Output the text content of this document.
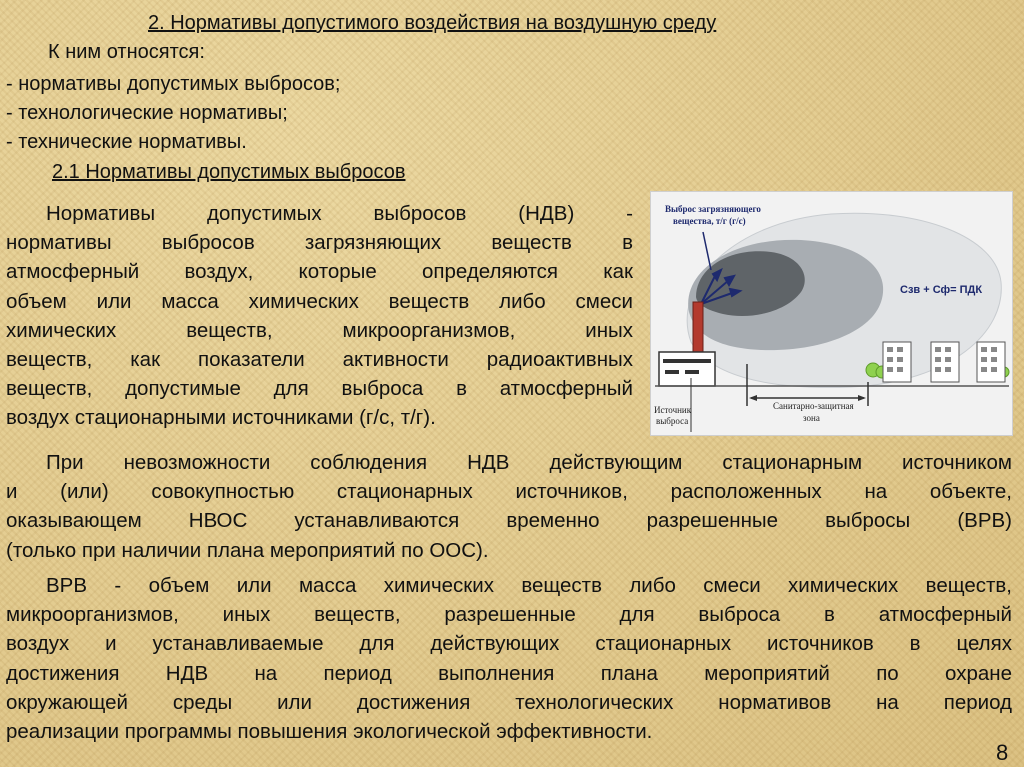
2. Нормативы допустимого воздействия на воздушную среду
К ним относятся:
- нормативы допустимых выбросов;
- технологические нормативы;
- технические нормативы.
2.1 Нормативы допустимых выбросов
Нормативы допустимых выбросов (НДВ) -
нормативы выбросов загрязняющих веществ в
атмосферный воздух, которые определяются как
объем или масса химических веществ либо смеси
химических веществ, микроорганизмов, иных
веществ, как показатели активности радиоактивных
веществ, допустимые для выброса в атмосферный
воздух стационарными источниками (г/с, т/г).
Выброс загрязняющего
вещества, т/г (г/с)
Сзв + Сф= ПДК
Источник
выброса
Санитарно-защитная
зона
При невозможности соблюдения НДВ действующим стационарным источником
и (или) совокупностью стационарных источников, расположенных на объекте,
оказывающем НВОС устанавливаются временно разрешенные выбросы (ВРВ)
(только при наличии плана мероприятий по ООС).
ВРВ - объем или масса химических веществ либо смеси химических веществ,
микроорганизмов, иных веществ, разрешенные для выброса в атмосферный
воздух и устанавливаемые для действующих стационарных источников в целях
достижения НДВ на период выполнения плана мероприятий по охране
окружающей среды или достижения технологических нормативов на период
реализации программы повышения экологической эффективности.
8
